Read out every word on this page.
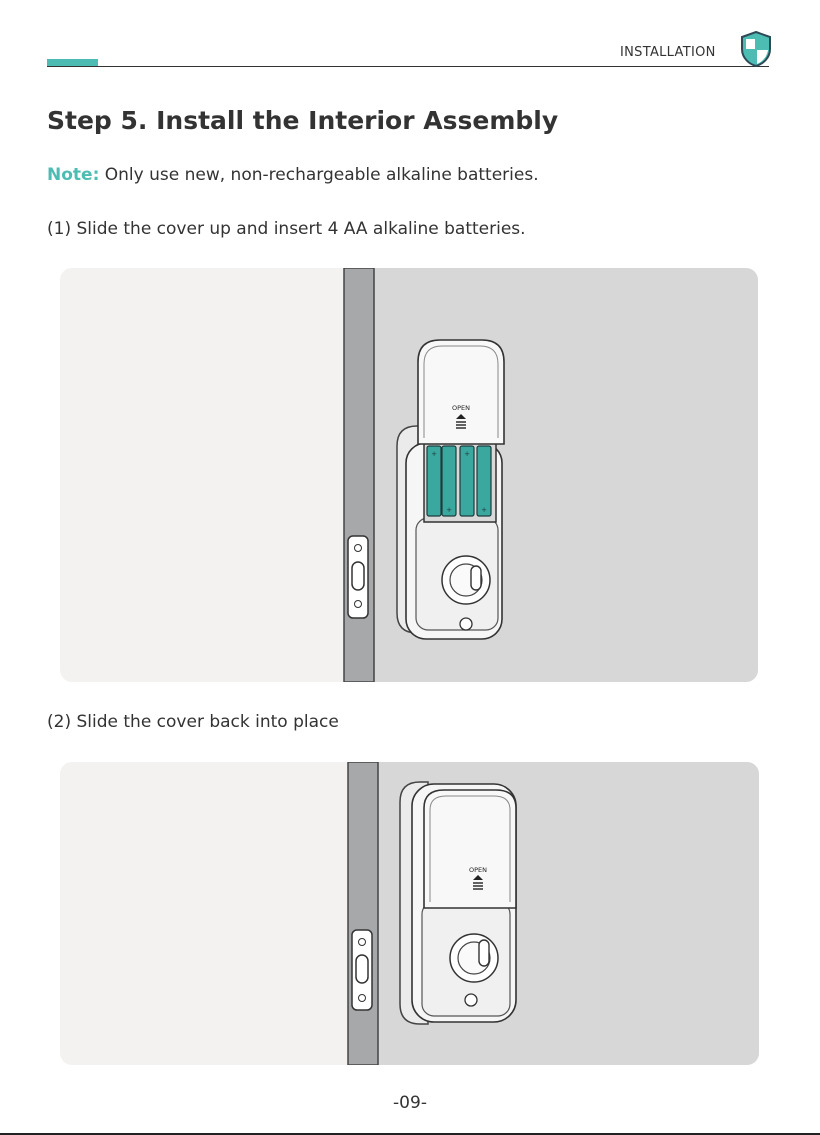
INSTALLATION
Step 5. Install the Interior Assembly
Note: Only use new, non-rechargeable alkaline batteries.
(1) Slide the cover up and insert 4 AA alkaline batteries.
+
+
+
+
OPEN
(2) Slide the cover back into place
OPEN
-09-
